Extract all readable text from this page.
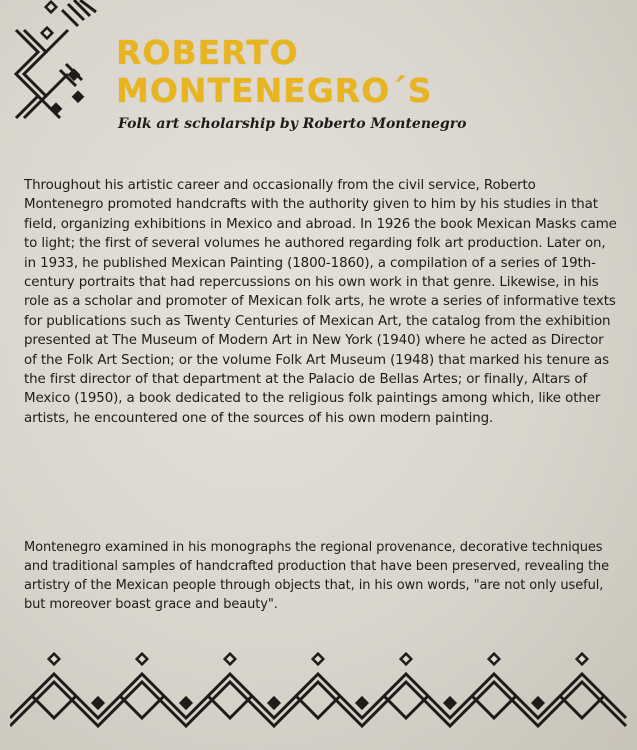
ROBERTO
MONTENEGRO´S

Folk art scholarship by Roberto Montenegro

Throughout his artistic career and occasionally from the civil service, Roberto Montenegro promoted handcrafts with the authority given to him by his studies in that field, organizing exhibitions in Mexico and abroad. In 1926 the book Mexican Masks came to light; the first of several volumes he authored regarding folk art production. Later on, in 1933, he published Mexican Painting (1800-1860), a compilation of a series of 19th-century portraits that had repercussions on his own work in that genre. Likewise, in his role as a scholar and promoter of Mexican folk arts, he wrote a series of informative texts for publications such as Twenty Centuries of Mexican Art, the catalog from the exhibition presented at The Museum of Modern Art in New York (1940) where he acted as Director of the Folk Art Section; or the volume Folk Art Museum (1948) that marked his tenure as the first director of that department at the Palacio de Bellas Artes; or finally, Altars of Mexico (1950), a book dedicated to the religious folk paintings among which, like other artists, he encountered one of the sources of his own modern painting.

Montenegro examined in his monographs the regional provenance, decorative techniques and traditional samples of handcrafted production that have been preserved, revealing the artistry of the Mexican people through objects that, in his own words, "are not only useful, but moreover boast grace and beauty".
